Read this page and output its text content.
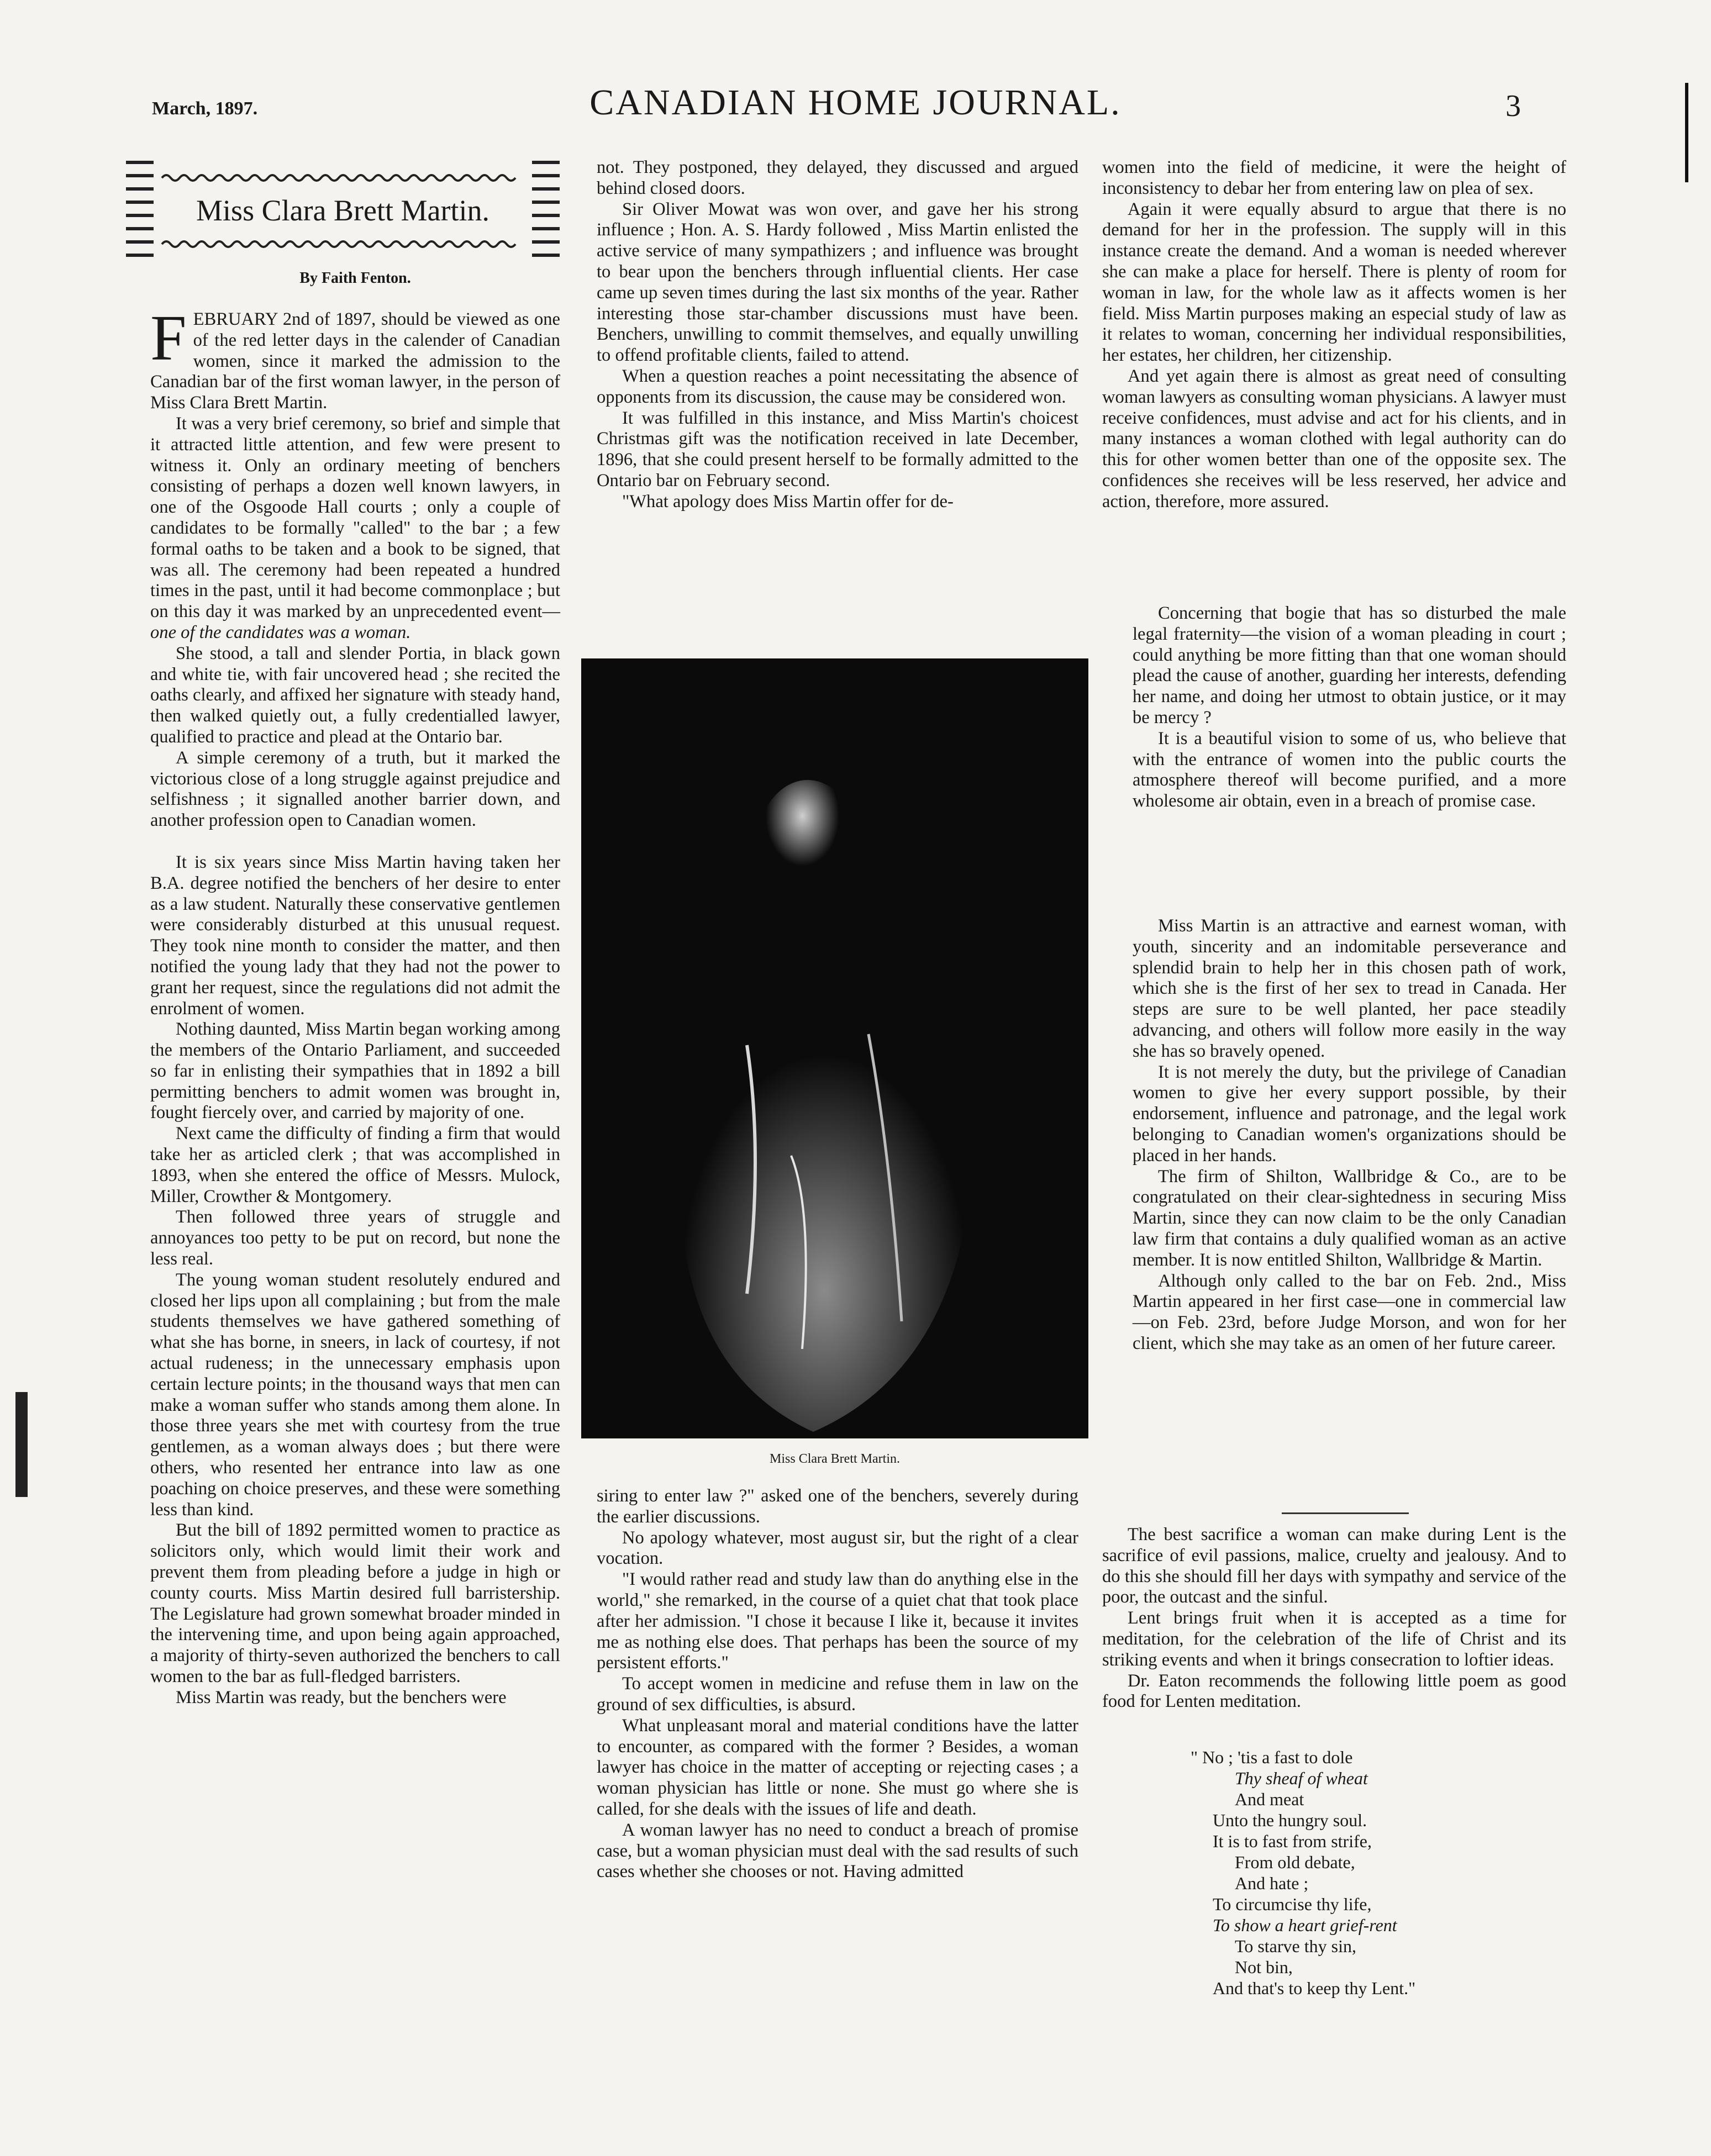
March, 1897.	CANADIAN HOME JOURNAL.	3
Miss Clara Brett Martin.
By Faith Fenton.

FEBRUARY 2nd of 1897, should be viewed as one of the red letter days in the calender of Canadian women, since it marked the admission to the Canadian bar of the first woman lawyer, in the person of Miss Clara Brett Martin.

It was a very brief ceremony, so brief and simple that it attracted little attention, and few were present to witness it. Only an ordinary meeting of benchers consisting of perhaps a dozen well known lawyers, in one of the Osgoode Hall courts ; only a couple of candidates to be formally "called" to the bar ; a few formal oaths to be taken and a book to be signed, that was all. The ceremony had been repeated a hundred times in the past, until it had become commonplace ; but on this day it was marked by an unprecedented event—one of the candidates was a woman.

She stood, a tall and slender Portia, in black gown and white tie, with fair uncovered head ; she recited the oaths clearly, and affixed her signature with steady hand, then walked quietly out, a fully credentialled lawyer, qualified to practice and plead at the Ontario bar.

A simple ceremony of a truth, but it marked the victorious close of a long struggle against prejudice and selfishness ; it signalled another barrier down, and another profession open to Canadian women.

It is six years since Miss Martin having taken her B.A. degree notified the benchers of her desire to enter as a law student. Naturally these conservative gentlemen were considerably disturbed at this unusual request. They took nine month to consider the matter, and then notified the young lady that they had not the power to grant her request, since the regulations did not admit the enrolment of women.

Nothing daunted, Miss Martin began working among the members of the Ontario Parliament, and succeeded so far in enlisting their sympathies that in 1892 a bill permitting benchers to admit women was brought in, fought fiercely over, and carried by majority of one.

Next came the difficulty of finding a firm that would take her as articled clerk ; that was accomplished in 1893, when she entered the office of Messrs. Mulock, Miller, Crowther & Montgomery.

Then followed three years of struggle and annoyances too petty to be put on record, but none the less real.

The young woman student resolutely endured and closed her lips upon all complaining ; but from the male students themselves we have gathered something of what she has borne, in sneers, in lack of courtesy, if not actual rudeness; in the unnecessary emphasis upon certain lecture points; in the thousand ways that men can make a woman suffer who stands among them alone. In those three years she met with courtesy from the true gentlemen, as a woman always does ; but there were others, who resented her entrance into law as one poaching on choice preserves, and these were something less than kind.

But the bill of 1892 permitted women to practice as solicitors only, which would limit their work and prevent them from pleading before a judge in high or county courts. Miss Martin desired full barristership. The Legislature had grown somewhat broader minded in the intervening time, and upon being again approached, a majority of thirty-seven authorized the benchers to call women to the bar as full-fledged barristers.

Miss Martin was ready, but the benchers were

not. They postponed, they delayed, they discussed and argued behind closed doors.

Sir Oliver Mowat was won over, and gave her his strong influence ; Hon. A. S. Hardy followed , Miss Martin enlisted the active service of many sympathizers ; and influence was brought to bear upon the benchers through influential clients. Her case came up seven times during the last six months of the year. Rather interesting those star-chamber discussions must have been. Benchers, unwilling to commit themselves, and equally unwilling to offend profitable clients, failed to attend.

When a question reaches a point necessitating the absence of opponents from its discussion, the cause may be considered won.

It was fulfilled in this instance, and Miss Martin's choicest Christmas gift was the notification received in late December, 1896, that she could present herself to be formally admitted to the Ontario bar on February second.

"What apology does Miss Martin offer for de-

Miss Clara Brett Martin.

siring to enter law ?" asked one of the benchers, severely during the earlier discussions.

No apology whatever, most august sir, but the right of a clear vocation.

"I would rather read and study law than do anything else in the world," she remarked, in the course of a quiet chat that took place after her admission. "I chose it because I like it, because it invites me as nothing else does. That perhaps has been the source of my persistent efforts."

To accept women in medicine and refuse them in law on the ground of sex difficulties, is absurd.

What unpleasant moral and material conditions have the latter to encounter, as compared with the former ? Besides, a woman lawyer has choice in the matter of accepting or rejecting cases ; a woman physician has little or none. She must go where she is called, for she deals with the issues of life and death.

A woman lawyer has no need to conduct a breach of promise case, but a woman physician must deal with the sad results of such cases whether she chooses or not. Having admitted

women into the field of medicine, it were the height of inconsistency to debar her from entering law on plea of sex.

Again it were equally absurd to argue that there is no demand for her in the profession. The supply will in this instance create the demand. And a woman is needed wherever she can make a place for herself. There is plenty of room for woman in law, for the whole law as it affects women is her field. Miss Martin purposes making an especial study of law as it relates to woman, concerning her individual responsibilities, her estates, her children, her citizenship.

And yet again there is almost as great need of consulting woman lawyers as consulting woman physicians. A lawyer must receive confidences, must advise and act for his clients, and in many instances a woman clothed with legal authority can do this for other women better than one of the opposite sex. The confidences she receives will be less reserved, her advice and action, therefore, more assured.

Concerning that bogie that has so disturbed the male legal fraternity—the vision of a woman pleading in court ; could anything be more fitting than that one woman should plead the cause of another, guarding her interests, defending her name, and doing her utmost to obtain justice, or it may be mercy ?

It is a beautiful vision to some of us, who believe that with the entrance of women into the public courts the atmosphere thereof will become purified, and a more wholesome air obtain, even in a breach of promise case.

Miss Martin is an attractive and earnest woman, with youth, sincerity and an indomitable perseverance and splendid brain to help her in this chosen path of work, which she is the first of her sex to tread in Canada. Her steps are sure to be well planted, her pace steadily advancing, and others will follow more easily in the way she has so bravely opened.

It is not merely the duty, but the privilege of Canadian women to give her every support possible, by their endorsement, influence and patronage, and the legal work belonging to Canadian women's organizations should be placed in her hands.

The firm of Shilton, Wallbridge & Co., are to be congratulated on their clear-sightedness in securing Miss Martin, since they can now claim to be the only Canadian law firm that contains a duly qualified woman as an active member. It is now entitled Shilton, Wallbridge & Martin.

Although only called to the bar on Feb. 2nd., Miss Martin appeared in her first case—one in commercial law—on Feb. 23rd, before Judge Morson, and won for her client, which she may take as an omen of her future career.

The best sacrifice a woman can make during Lent is the sacrifice of evil passions, malice, cruelty and jealousy. And to do this she should fill her days with sympathy and service of the poor, the outcast and the sinful.

Lent brings fruit when it is accepted as a time for meditation, for the celebration of the life of Christ and its striking events and when it brings consecration to loftier ideas.

Dr. Eaton recommends the following little poem as good food for Lenten meditation.

" No ; 'tis a fast to dole
Thy sheaf of wheat
And meat
Unto the hungry soul.
It is to fast from strife,
From old debate,
And hate ;
To circumcise thy life,
To show a heart grief-rent
To starve thy sin,
Not bin,
And that's to keep thy Lent."
